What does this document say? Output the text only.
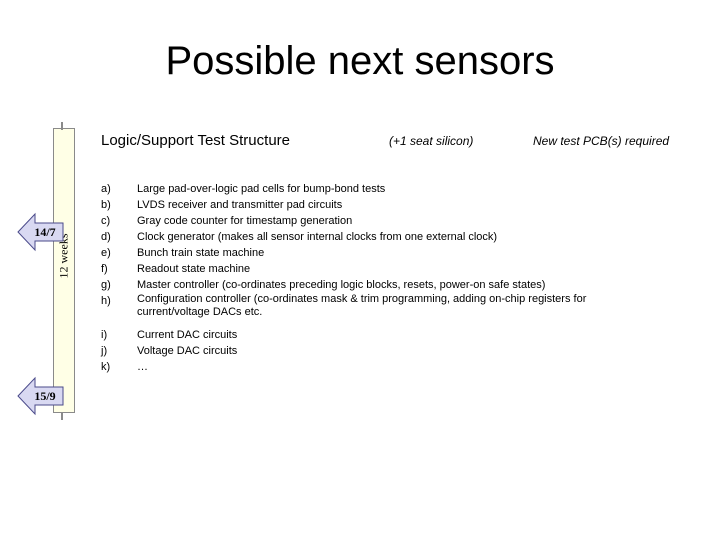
Possible next sensors
12 weeks
14/7
15/9
Logic/Support Test Structure	(+1 seat silicon)	New test PCB(s) required
a)	Large pad-over-logic pad cells for bump-bond tests
b)	LVDS receiver and transmitter pad circuits
c)	Gray code counter for timestamp generation
d)	Clock generator (makes all sensor internal clocks from one external clock)
e)	Bunch train state machine
f)	Readout state machine
g)	Master controller (co-ordinates preceding logic blocks, resets, power-on safe states)
h)	Configuration controller (co-ordinates mask & trim programming, adding on-chip registers for
current/voltage DACs etc.
i)	Current DAC circuits
j)	Voltage DAC circuits
k)	…
